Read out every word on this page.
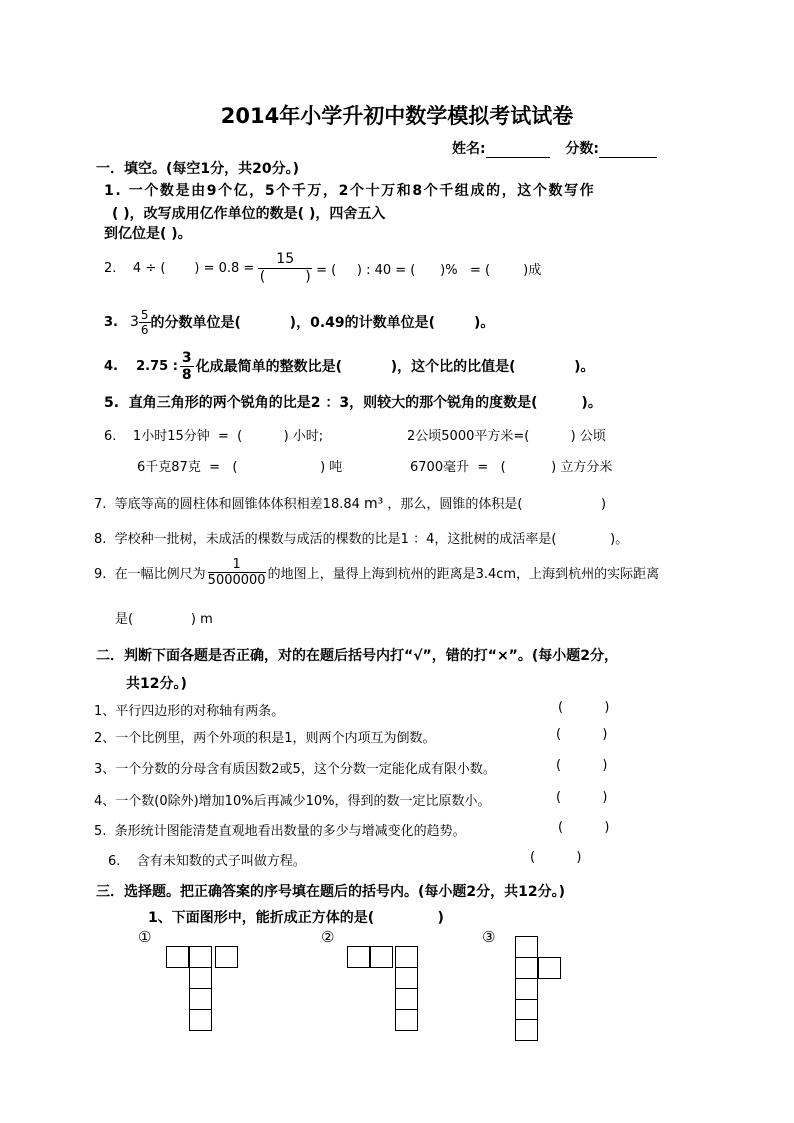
2014年小学升初中数学模拟考试试卷
姓名:	分数:
一．填空。(每空1分，共20分。)
1. 一个数是由9个亿，5个千万，2个十万和8个千组成的，这个数写作
( )，改写成用亿作单位的数是( )，四舍五入
到亿位是( )。
2.    4 ÷ (       ) = 0.8 =
15
(         ) = (     ) : 40 = (      )%   = (        )成
3. $3 \frac{5}{6}$ 的分数单位是(          )，0.49的计数单位是(        )。
4.    2.75 : $\frac{3}{8}$ 化成最简单的整数比是(          )，这个比的比值是(            )。
5.  直角三角形的两个锐角的比是2 ：3，则较大的那个锐角的度数是(         )。
6.    1小时15分钟  =  (          ) 小时;	2公顷5000平方米=(          ) 公顷
6千克87克  =   (                    ) 吨	6700毫升  =   (           ) 立方分米
7.  等底等高的圆柱体和圆锥体体积相差18.84 m³ ，那么，圆锥的体积是(                   )
8.  学校种一批树，未成活的棵数与成活的棵数的比是1 ：4，这批树的成活率是(             )。
9.  在一幅比例尺为 $\frac{1}{5000000}$ 的地图上，量得上海到杭州的距离是3.4cm，上海到杭州的实际距离
是(              ) m
二．判断下面各题是否正确，对的在题后括号内打“√”，错的打“×”。(每小题2分，
共12分。)
1、平行四边形的对称轴有两条。	(          )
2、一个比例里，两个外项的积是1，则两个内项互为倒数。	(          )
3、一个分数的分母含有质因数2或5，这个分数一定能化成有限小数。	(          )
4、一个数(0除外)增加10%后再减少10%，得到的数一定比原数小。	(          )
5.  条形统计图能清楚直观地看出数量的多少与增减变化的趋势。	(          )
6.    含有未知数的式子叫做方程。	(          )
三．选择题。把正确答案的序号填在题后的括号内。(每小题2分，共12分。)
1、下面图形中，能折成正方体的是(             )
①	②	③
